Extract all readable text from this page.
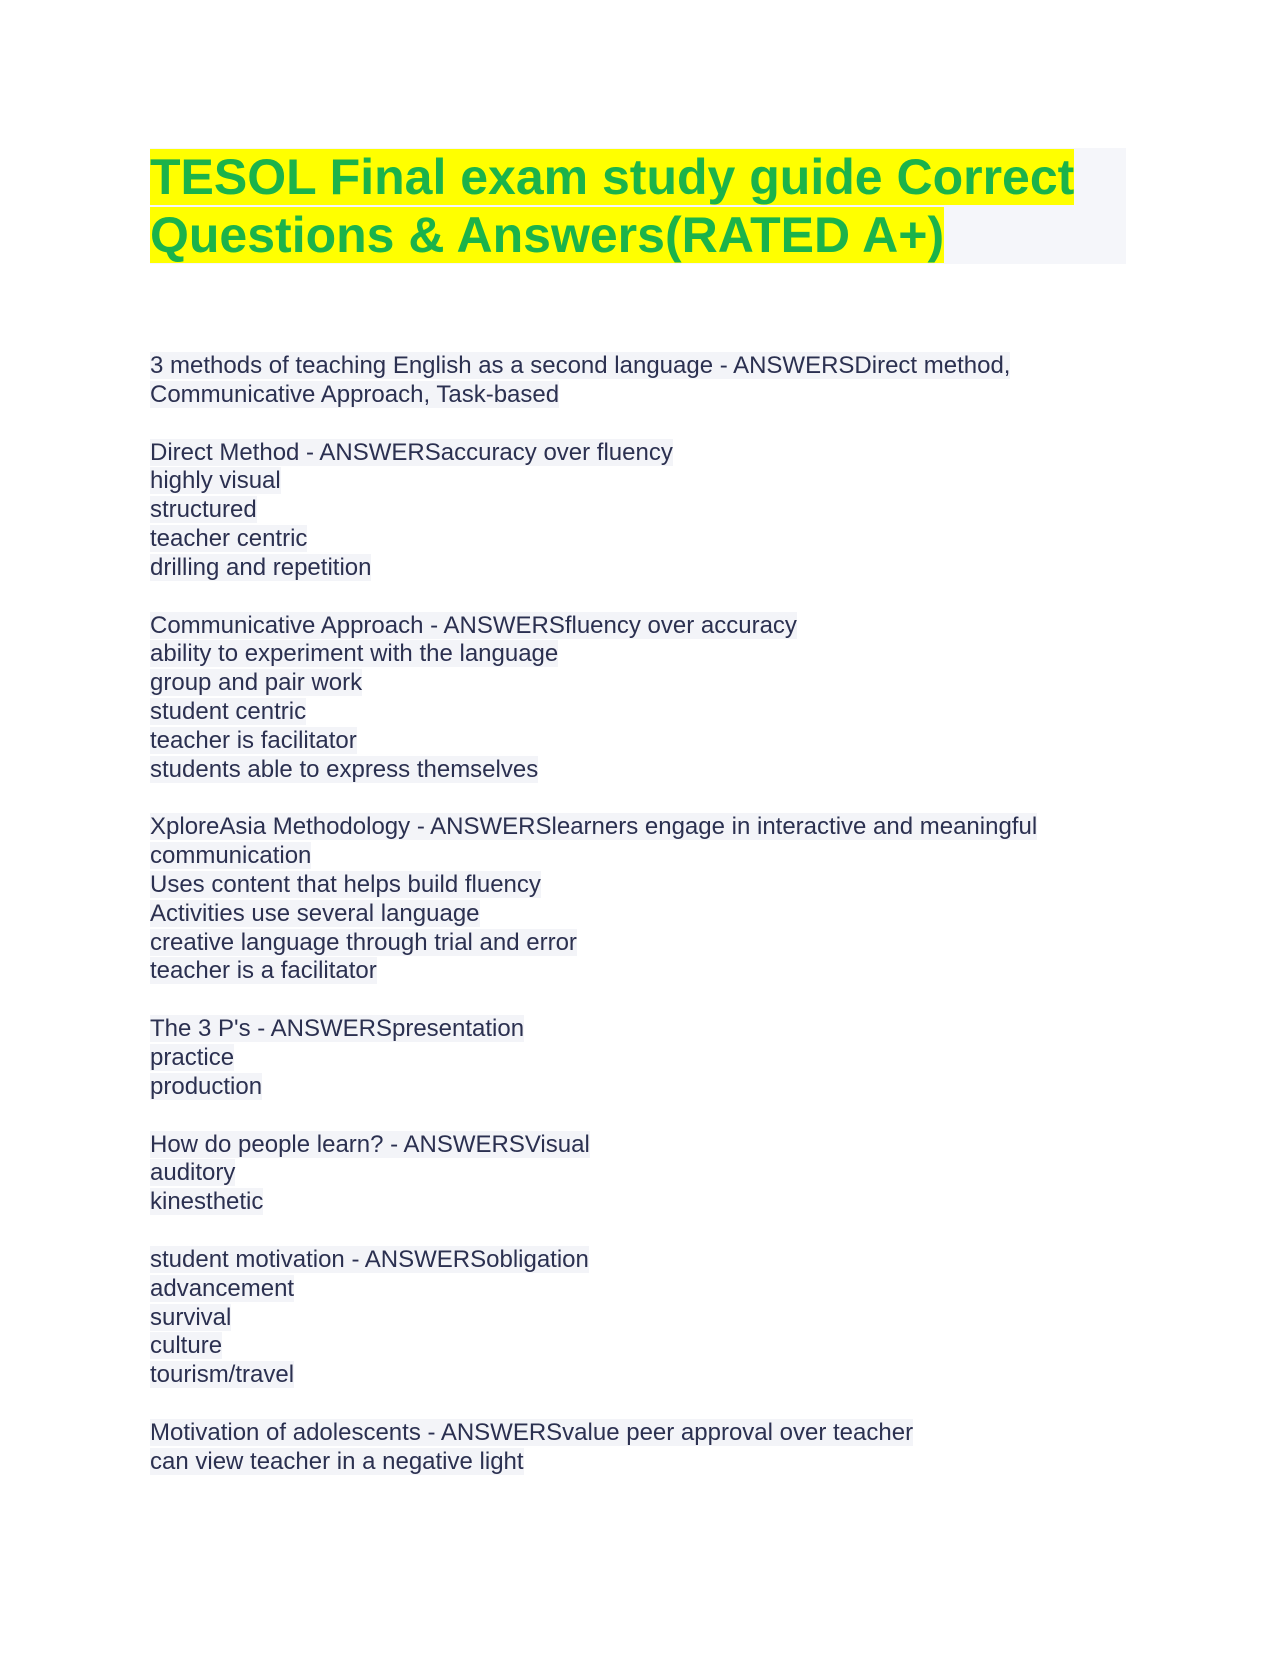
TESOL Final exam study guide Correct Questions & Answers(RATED A+)
3 methods of teaching English as a second language - ANSWERSDirect method,
Communicative Approach, Task-based
Direct Method - ANSWERSaccuracy over fluency
highly visual
structured
teacher centric
drilling and repetition
Communicative Approach - ANSWERSfluency over accuracy
ability to experiment with the language
group and pair work
student centric
teacher is facilitator
students able to express themselves
XploreAsia Methodology - ANSWERSlearners engage in interactive and meaningful
communication
Uses content that helps build fluency
Activities use several language
creative language through trial and error
teacher is a facilitator
The 3 P's - ANSWERSpresentation
practice
production
How do people learn? - ANSWERSVisual
auditory
kinesthetic
student motivation - ANSWERSobligation
advancement
survival
culture
tourism/travel
Motivation of adolescents - ANSWERSvalue peer approval over teacher
can view teacher in a negative light
